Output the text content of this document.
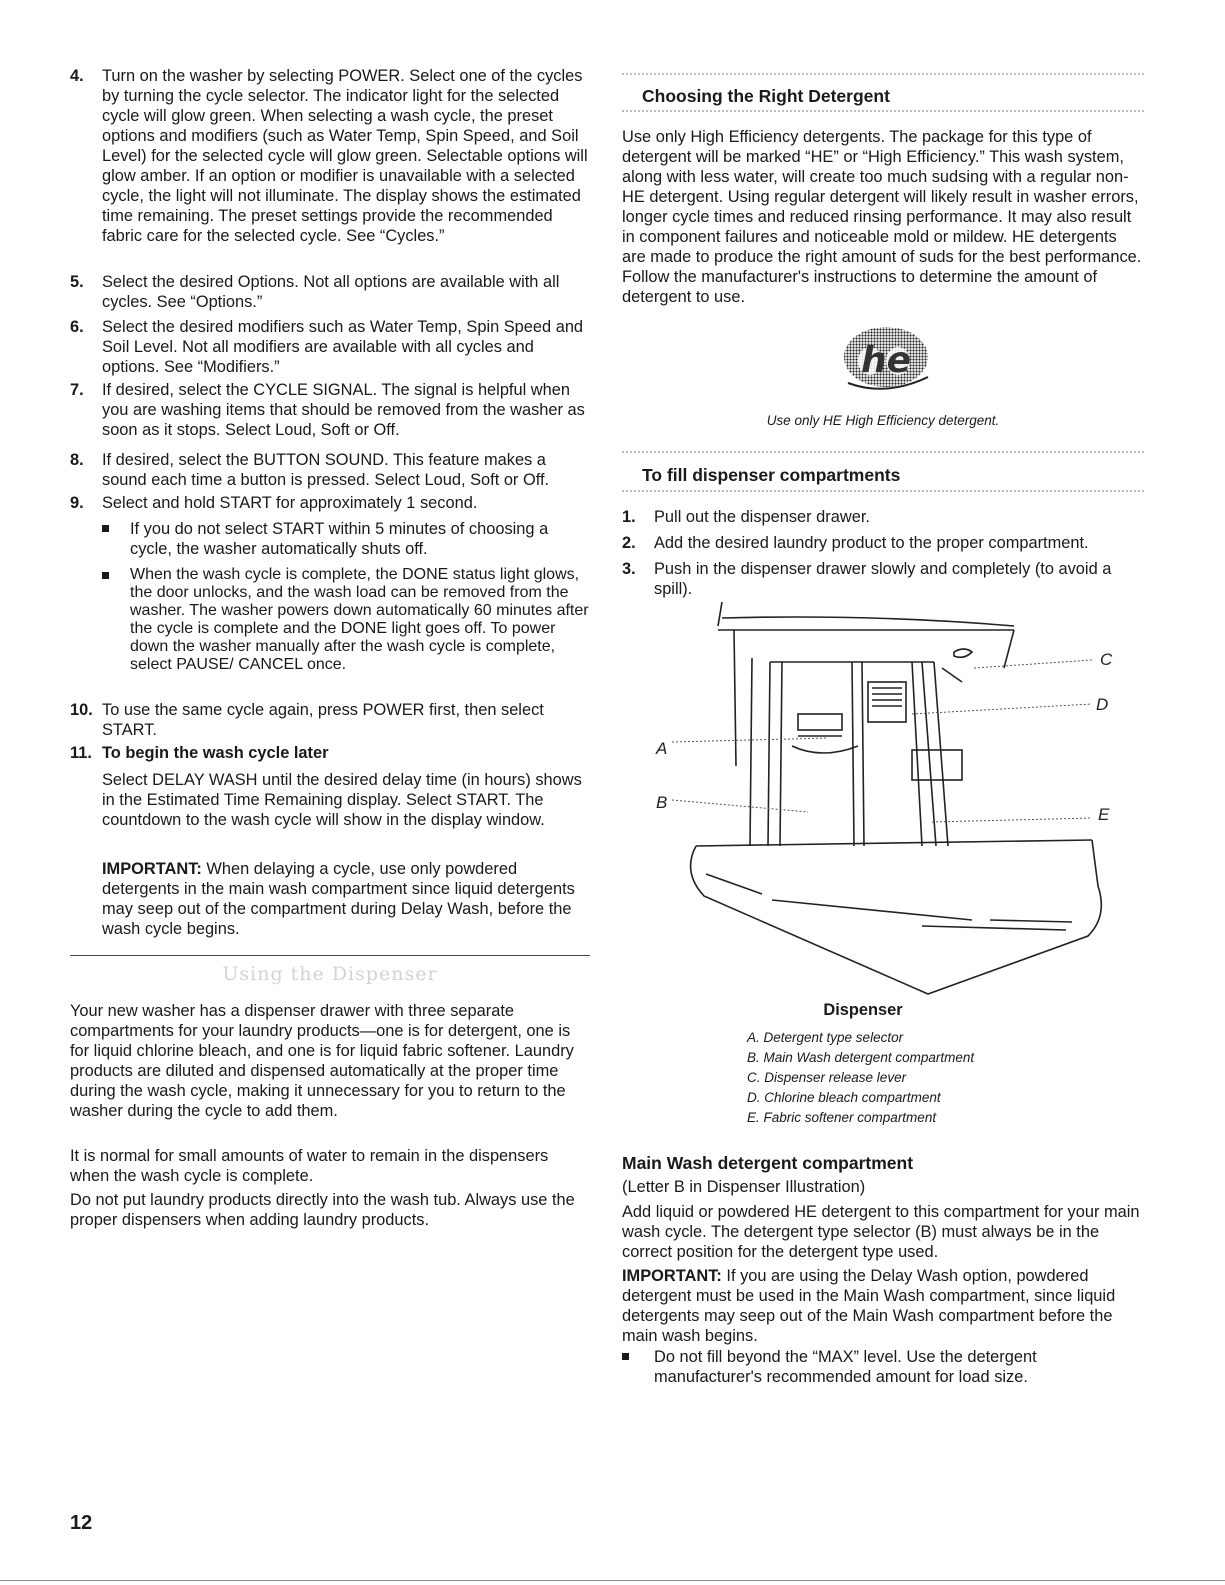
4. Turn on the washer by selecting POWER. Select one of the cycles by turning the cycle selector. The indicator light for the selected cycle will glow green. When selecting a wash cycle, the preset options and modifiers (such as Water Temp, Spin Speed, and Soil Level) for the selected cycle will glow green. Selectable options will glow amber. If an option or modifier is unavailable with a selected cycle, the light will not illuminate. The display shows the estimated time remaining. The preset settings provide the recommended fabric care for the selected cycle. See “Cycles.”
5. Select the desired Options. Not all options are available with all cycles. See “Options.”
6. Select the desired modifiers such as Water Temp, Spin Speed and Soil Level. Not all modifiers are available with all cycles and options. See “Modifiers.”
7. If desired, select the CYCLE SIGNAL. The signal is helpful when you are washing items that should be removed from the washer as soon as it stops. Select Loud, Soft or Off.
8. If desired, select the BUTTON SOUND. This feature makes a sound each time a button is pressed. Select Loud, Soft or Off.
9. Select and hold START for approximately 1 second.
If you do not select START within 5 minutes of choosing a cycle, the washer automatically shuts off.
When the wash cycle is complete, the DONE status light glows, the door unlocks, and the wash load can be removed from the washer. The washer powers down automatically 60 minutes after the cycle is complete and the DONE light goes off. To power down the washer manually after the wash cycle is complete, select PAUSE/ CANCEL once.
10. To use the same cycle again, press POWER first, then select START.
11. To begin the wash cycle later
Select DELAY WASH until the desired delay time (in hours) shows in the Estimated Time Remaining display. Select START. The countdown to the wash cycle will show in the display window.
IMPORTANT: When delaying a cycle, use only powdered detergents in the main wash compartment since liquid detergents may seep out of the compartment during Delay Wash, before the wash cycle begins.
Using the Dispenser
Your new washer has a dispenser drawer with three separate compartments for your laundry products—one is for detergent, one is for liquid chlorine bleach, and one is for liquid fabric softener. Laundry products are diluted and dispensed automatically at the proper time during the wash cycle, making it unnecessary for you to return to the washer during the cycle to add them.
It is normal for small amounts of water to remain in the dispensers when the wash cycle is complete.
Do not put laundry products directly into the wash tub. Always use the proper dispensers when adding laundry products.
Choosing the Right Detergent
Use only High Efficiency detergents. The package for this type of detergent will be marked “HE” or “High Efficiency.” This wash system, along with less water, will create too much sudsing with a regular non-HE detergent. Using regular detergent will likely result in washer errors, longer cycle times and reduced rinsing performance. It may also result in component failures and noticeable mold or mildew. HE detergents are made to produce the right amount of suds for the best performance. Follow the manufacturer's instructions to determine the amount of detergent to use.
he
Use only HE High Efficiency detergent.
To fill dispenser compartments
1. Pull out the dispenser drawer.
2. Add the desired laundry product to the proper compartment.
3. Push in the dispenser drawer slowly and completely (to avoid a spill).
C
D
A
B
E
Dispenser
A. Detergent type selector
B. Main Wash detergent compartment
C. Dispenser release lever
D. Chlorine bleach compartment
E. Fabric softener compartment
Main Wash detergent compartment
(Letter B in Dispenser Illustration)
Add liquid or powdered HE detergent to this compartment for your main wash cycle. The detergent type selector (B) must always be in the correct position for the detergent type used.
IMPORTANT: If you are using the Delay Wash option, powdered detergent must be used in the Main Wash compartment, since liquid detergents may seep out of the Main Wash compartment before the main wash begins.
Do not fill beyond the “MAX” level. Use the detergent manufacturer's recommended amount for load size.
12
